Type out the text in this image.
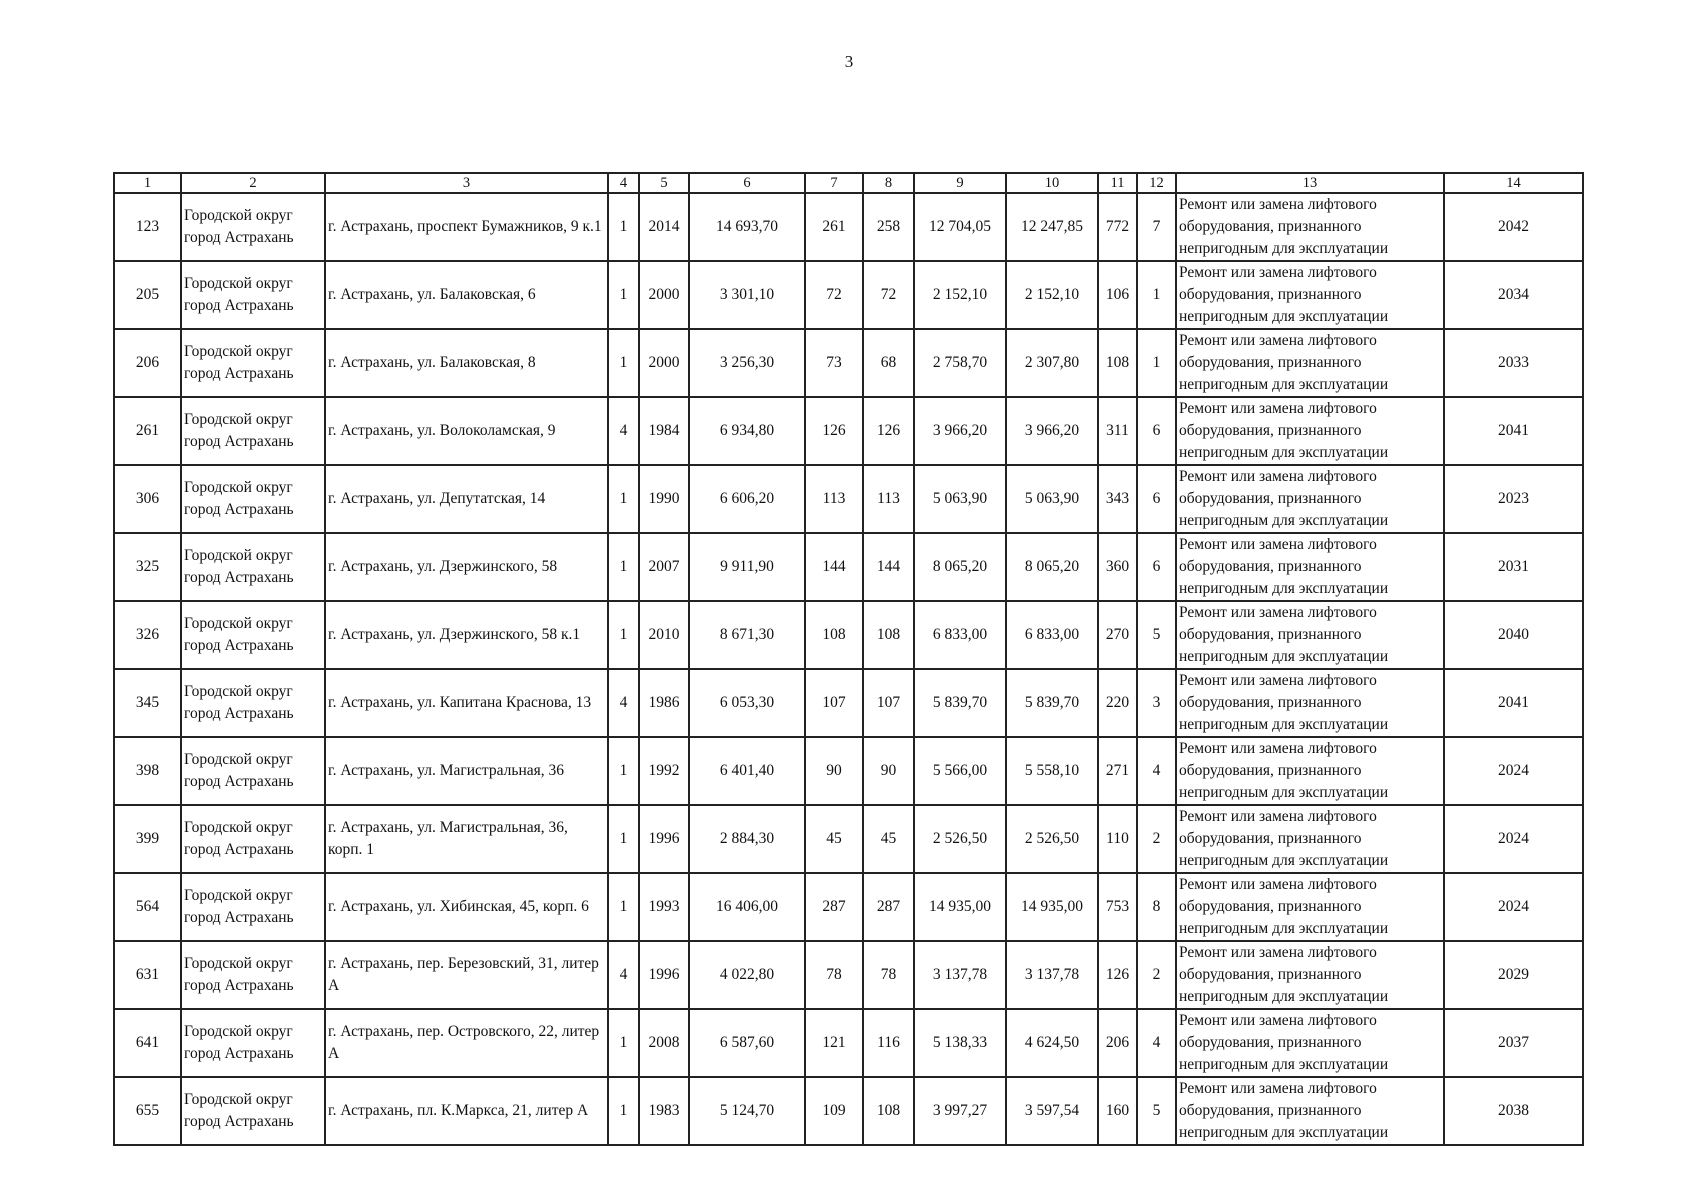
3
1	2	3	4	5	6	7	8	9	10	11	12	13	14
123	Городской округ город Астрахань	г. Астрахань, проспект Бумажников, 9 к.1	1	2014	14 693,70	261	258	12 704,05	12 247,85	772	7	Ремонт или замена лифтового оборудования, признанного непригодным для эксплуатации	2042
205	Городской округ город Астрахань	г. Астрахань, ул. Балаковская, 6	1	2000	3 301,10	72	72	2 152,10	2 152,10	106	1	Ремонт или замена лифтового оборудования, признанного непригодным для эксплуатации	2034
206	Городской округ город Астрахань	г. Астрахань, ул. Балаковская, 8	1	2000	3 256,30	73	68	2 758,70	2 307,80	108	1	Ремонт или замена лифтового оборудования, признанного непригодным для эксплуатации	2033
261	Городской округ город Астрахань	г. Астрахань, ул. Волоколамская, 9	4	1984	6 934,80	126	126	3 966,20	3 966,20	311	6	Ремонт или замена лифтового оборудования, признанного непригодным для эксплуатации	2041
306	Городской округ город Астрахань	г. Астрахань, ул. Депутатская, 14	1	1990	6 606,20	113	113	5 063,90	5 063,90	343	6	Ремонт или замена лифтового оборудования, признанного непригодным для эксплуатации	2023
325	Городской округ город Астрахань	г. Астрахань, ул. Дзержинского, 58	1	2007	9 911,90	144	144	8 065,20	8 065,20	360	6	Ремонт или замена лифтового оборудования, признанного непригодным для эксплуатации	2031
326	Городской округ город Астрахань	г. Астрахань, ул. Дзержинского, 58 к.1	1	2010	8 671,30	108	108	6 833,00	6 833,00	270	5	Ремонт или замена лифтового оборудования, признанного непригодным для эксплуатации	2040
345	Городской округ город Астрахань	г. Астрахань, ул. Капитана Краснова, 13	4	1986	6 053,30	107	107	5 839,70	5 839,70	220	3	Ремонт или замена лифтового оборудования, признанного непригодным для эксплуатации	2041
398	Городской округ город Астрахань	г. Астрахань, ул. Магистральная, 36	1	1992	6 401,40	90	90	5 566,00	5 558,10	271	4	Ремонт или замена лифтового оборудования, признанного непригодным для эксплуатации	2024
399	Городской округ город Астрахань	г. Астрахань, ул. Магистральная, 36, корп. 1	1	1996	2 884,30	45	45	2 526,50	2 526,50	110	2	Ремонт или замена лифтового оборудования, признанного непригодным для эксплуатации	2024
564	Городской округ город Астрахань	г. Астрахань, ул. Хибинская, 45, корп. 6	1	1993	16 406,00	287	287	14 935,00	14 935,00	753	8	Ремонт или замена лифтового оборудования, признанного непригодным для эксплуатации	2024
631	Городской округ город Астрахань	г. Астрахань, пер. Березовский, 31, литер А	4	1996	4 022,80	78	78	3 137,78	3 137,78	126	2	Ремонт или замена лифтового оборудования, признанного непригодным для эксплуатации	2029
641	Городской округ город Астрахань	г. Астрахань, пер. Островского, 22, литер А	1	2008	6 587,60	121	116	5 138,33	4 624,50	206	4	Ремонт или замена лифтового оборудования, признанного непригодным для эксплуатации	2037
655	Городской округ город Астрахань	г. Астрахань, пл. К.Маркса, 21, литер А	1	1983	5 124,70	109	108	3 997,27	3 597,54	160	5	Ремонт или замена лифтового оборудования, признанного непригодным для эксплуатации	2038
